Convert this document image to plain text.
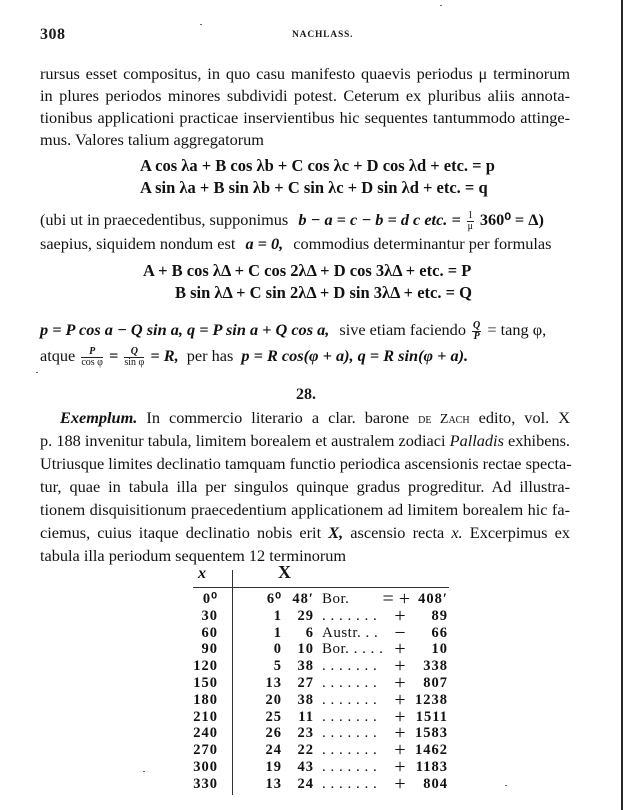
308	NACHLASS.
rursus esset compositus, in quo casu manifesto quaevis periodus μ terminorum
in plures periodos minores subdividi potest. Ceterum ex pluribus aliis annota-
tionibus applicationi practicae inservientibus hic sequentes tantummodo attinge-
mus. Valores talium aggregatorum
A cos λa + B cos λb + C cos λc + D cos λd + etc. = p
A sin λa + B sin λb + C sin λc + D sin λd + etc. = q
(ubi ut in praecedentibus, supponimus b − a = c − b = d c etc. = $\frac{1}{\mu} 360^0 = \Delta$)
saepius, siquidem nondum est a = 0, commodius determinantur per formulas
A + B cos λΔ + C cos 2λΔ + D cos 3λΔ + etc. = P
B sin λΔ + C sin 2λΔ + D sin 3λΔ + etc. = Q
p = P cos a − Q sin a, q = P sin a + Q cos a, sive etiam faciendo $\frac{Q}{P} = \tan g$ φ,
atque $\frac{P}{\text{cos φ}} = \frac{Q}{\text{sin φ}} = R$, per has p = R cos(φ + a), q = R sin(φ + a).
28.
Exemplum. In commercio literario a clar. barone de Zach edito, vol. X
p. 188 invenitur tabula, limitem borealem et australem zodiaci Palladis exhibens.
Utriusque limites declinatio tamquam functio periodica ascensionis rectae specta-
tur, quae in tabula illa per singulos quinque gradus progreditur. Ad illustra-
tionem disquisitionum praecedentium applicationem ad limitem borealem hic fa-
ciemus, cuius itaque declinatio nobis erit X, ascensio recta x. Excerpimus ex
tabula illa periodum sequentem 12 terminorum
x	X
0⁰	6⁰ 48′ Bor.	= + 408′
30	1	29 . . . . . . . + 89
60	1	6 Austr. . . − 66
90	0	10 Bor. . . . . + 10
120	5	38 . . . . . . . + 338
150	13	27 . . . . . . . + 807
180	20	38 . . . . . . . + 1238
210	25	11 . . . . . . . + 1511
240	26	23 . . . . . . . + 1583
270	24	22 . . . . . . . + 1462
300	19	43 . . . . . . . + 1183
330	13	24 . . . . . . . + 804
